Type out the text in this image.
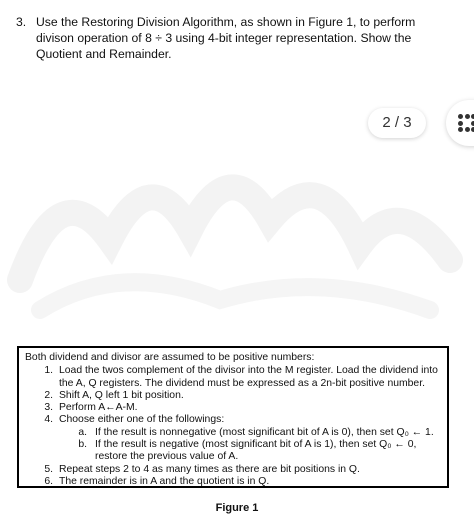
3. Use the Restoring Division Algorithm, as shown in Figure 1, to perform divison operation of 8 ÷ 3 using 4-bit integer representation. Show the Quotient and Remainder.
2 / 3
Both dividend and divisor are assumed to be positive numbers:
1. Load the twos complement of the divisor into the M register. Load the dividend into the A, Q registers. The dividend must be expressed as a 2n-bit positive number.
2. Shift A, Q left 1 bit position.
3. Perform A←A-M.
4. Choose either one of the followings:
a. If the result is nonnegative (most significant bit of A is 0), then set Q₀ ← 1.
b. If the result is negative (most significant bit of A is 1), then set Q₀ ← 0, restore the previous value of A.
5. Repeat steps 2 to 4 as many times as there are bit positions in Q.
6. The remainder is in A and the quotient is in Q.
Figure 1
